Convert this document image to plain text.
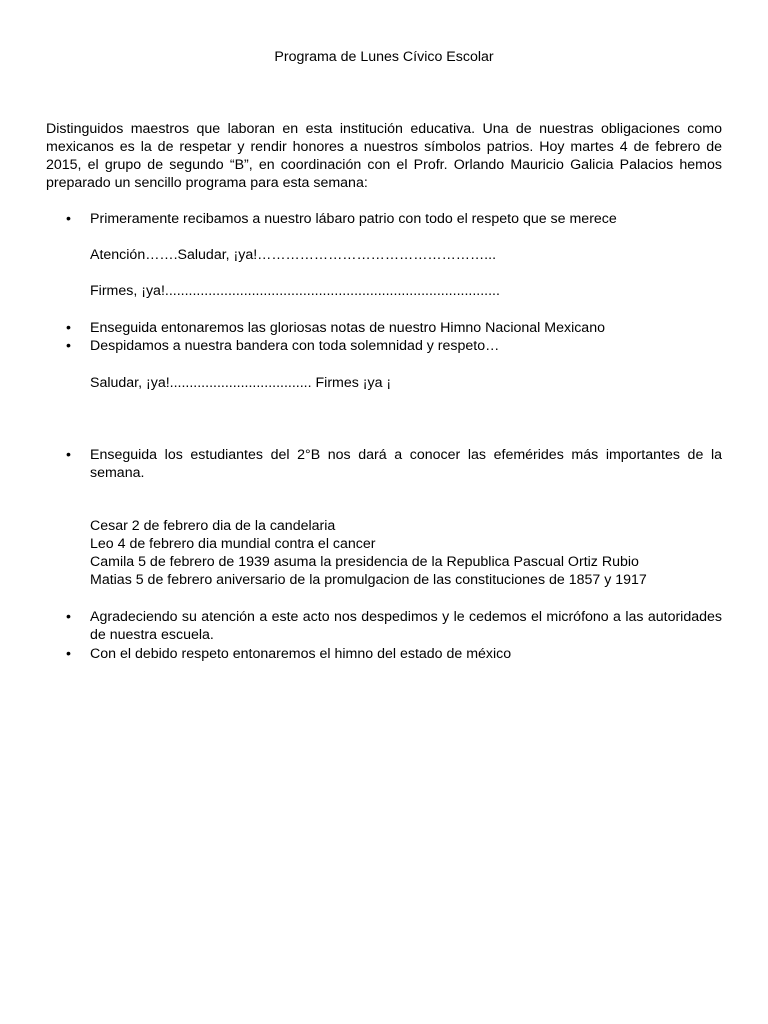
Programa de Lunes Cívico Escolar
Distinguidos maestros que laboran en esta institución educativa. Una de nuestras obligaciones como mexicanos es la de respetar y rendir honores a nuestros símbolos patrios. Hoy martes 4 de febrero de 2015, el grupo de segundo “B”, en coordinación con el Profr. Orlando Mauricio Galicia Palacios hemos preparado un sencillo programa para esta semana:
•
Primeramente recibamos a nuestro lábaro patrio con todo el respeto que se merece
Atención…….Saludar, ¡ya!…………………………………………...
Firmes, ¡ya!.....................................................................................
•
Enseguida entonaremos las gloriosas notas de nuestro Himno Nacional Mexicano
•
Despidamos a nuestra bandera con toda solemnidad y respeto…
Saludar, ¡ya!.................................... Firmes ¡ya ¡
•
Enseguida los estudiantes del 2°B nos dará a conocer las efemérides más importantes de la semana.
Cesar 2 de febrero dia de la candelaria
Leo 4 de febrero dia mundial contra el cancer
Camila 5 de febrero de 1939 asuma la presidencia de la Republica Pascual Ortiz Rubio
Matias 5 de febrero aniversario de la promulgacion de las constituciones de 1857 y 1917
•
Agradeciendo su atención a este acto nos despedimos y le cedemos el micrófono a las autoridades de nuestra escuela.
•
Con el debido respeto entonaremos el himno del estado de méxico
